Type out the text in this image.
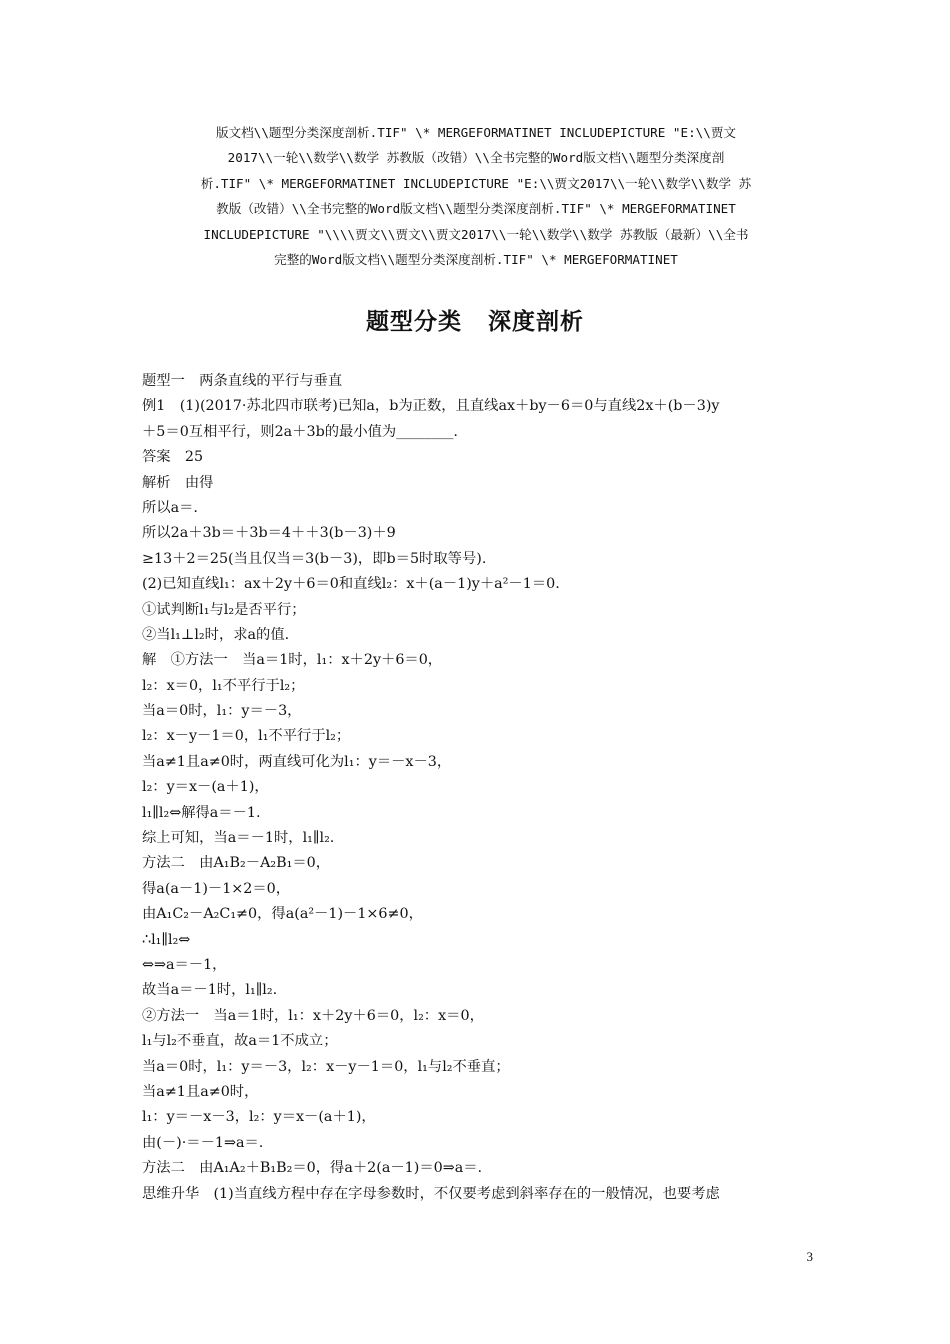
版文档\\题型分类深度剖析.TIF" \* MERGEFORMATINET INCLUDEPICTURE "E:\\贾文
2017\\一轮\\数学\\数学 苏教版（改错）\\全书完整的Word版文档\\题型分类深度剖
析.TIF" \* MERGEFORMATINET INCLUDEPICTURE "E:\\贾文2017\\一轮\\数学\\数学 苏
教版（改错）\\全书完整的Word版文档\\题型分类深度剖析.TIF" \* MERGEFORMATINET
INCLUDEPICTURE "\\\\贾文\\贾文\\贾文2017\\一轮\\数学\\数学 苏教版（最新）\\全书
完整的Word版文档\\题型分类深度剖析.TIF" \* MERGEFORMATINET
题型分类 深度剖析
题型一　两条直线的平行与垂直
例1　(1)(2017·苏北四市联考)已知a，b为正数，且直线ax＋by－6＝0与直线2x＋(b－3)y
＋5＝0互相平行，则2a＋3b的最小值为________.
答案　25
解析　由得
所以a＝.
所以2a＋3b＝＋3b＝4＋＋3(b－3)＋9
≥13＋2＝25(当且仅当＝3(b－3)，即b＝5时取等号).
(2)已知直线l₁：ax＋2y＋6＝0和直线l₂：x＋(a－1)y＋a²－1＝0.
①试判断l₁与l₂是否平行；
②当l₁⊥l₂时，求a的值.
解　①方法一　当a＝1时，l₁：x＋2y＋6＝0，
l₂：x＝0，l₁不平行于l₂；
当a＝0时，l₁：y＝－3，
l₂：x－y－1＝0，l₁不平行于l₂；
当a≠1且a≠0时，两直线可化为l₁：y＝－x－3，
l₂：y＝x－(a＋1)，
l₁∥l₂⇔解得a＝－1.
综上可知，当a＝－1时，l₁∥l₂.
方法二　由A₁B₂－A₂B₁＝0，
得a(a－1)－1×2＝0，
由A₁C₂－A₂C₁≠0，得a(a²－1)－1×6≠0，
∴l₁∥l₂⇔
⇔⇒a＝－1，
故当a＝－1时，l₁∥l₂.
②方法一　当a＝1时，l₁：x＋2y＋6＝0，l₂：x＝0，
l₁与l₂不垂直，故a＝1不成立；
当a＝0时，l₁：y＝－3，l₂：x－y－1＝0，l₁与l₂不垂直；
当a≠1且a≠0时，
l₁：y＝－x－3，l₂：y＝x－(a＋1)，
由(－)·＝－1⇒a＝.
方法二　由A₁A₂＋B₁B₂＝0，得a＋2(a－1)＝0⇒a＝.
思维升华　(1)当直线方程中存在字母参数时，不仅要考虑到斜率存在的一般情况，也要考虑
3
